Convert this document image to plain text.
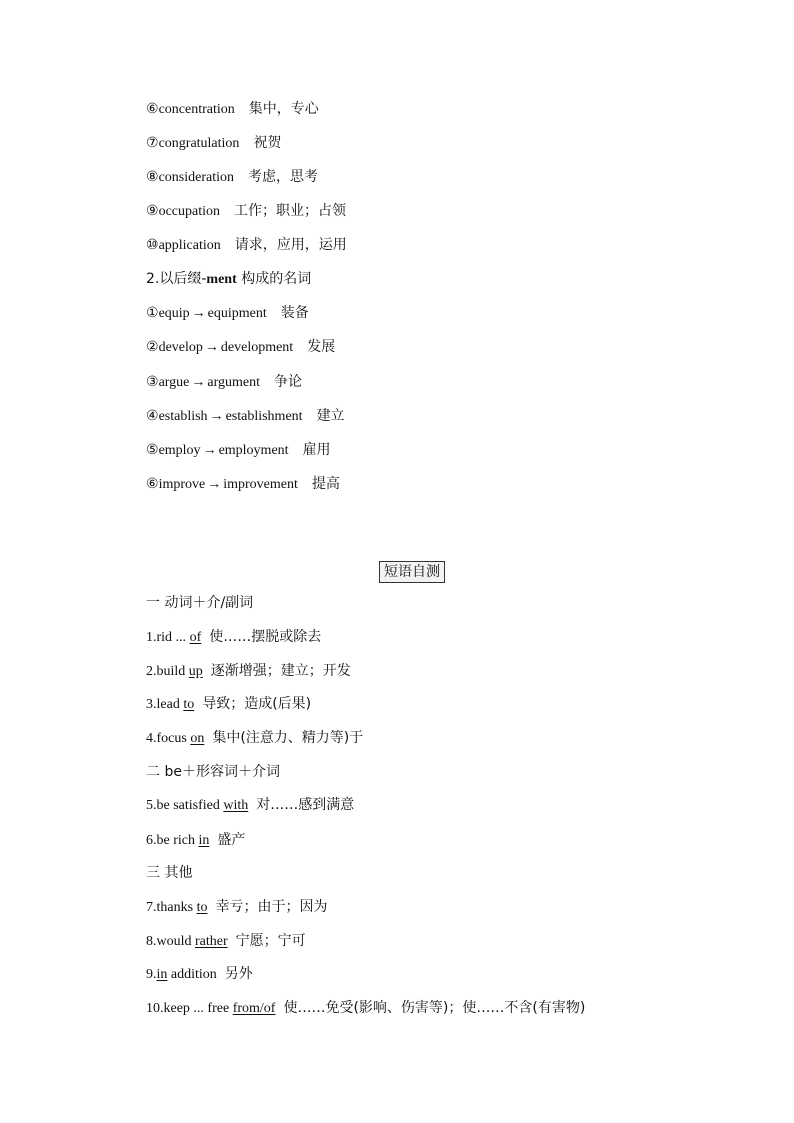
⑥concentration 集中，专心
⑦congratulation 祝贺
⑧consideration 考虑，思考
⑨occupation 工作；职业；占领
⑩application 请求，应用，运用
2.以后缀-ment 构成的名词
①equip → equipment 装备
②develop → development 发展
③argue → argument 争论
④establish → establishment 建立
⑤employ → employment 雇用
⑥improve → improvement 提高
短语自测
一 动词＋介/副词
1.rid ... of 使……摆脱或除去
2.build up 逐渐增强；建立；开发
3.lead to 导致；造成(后果)
4.focus on 集中(注意力、精力等)于
二 be＋形容词＋介词
5.be satisfied with 对……感到满意
6.be rich in 盛产
三 其他
7.thanks to 幸亏；由于；因为
8.would rather 宁愿；宁可
9.in addition 另外
10.keep ... free from/of 使……免受(影响、伤害等)；使……不含(有害物)
